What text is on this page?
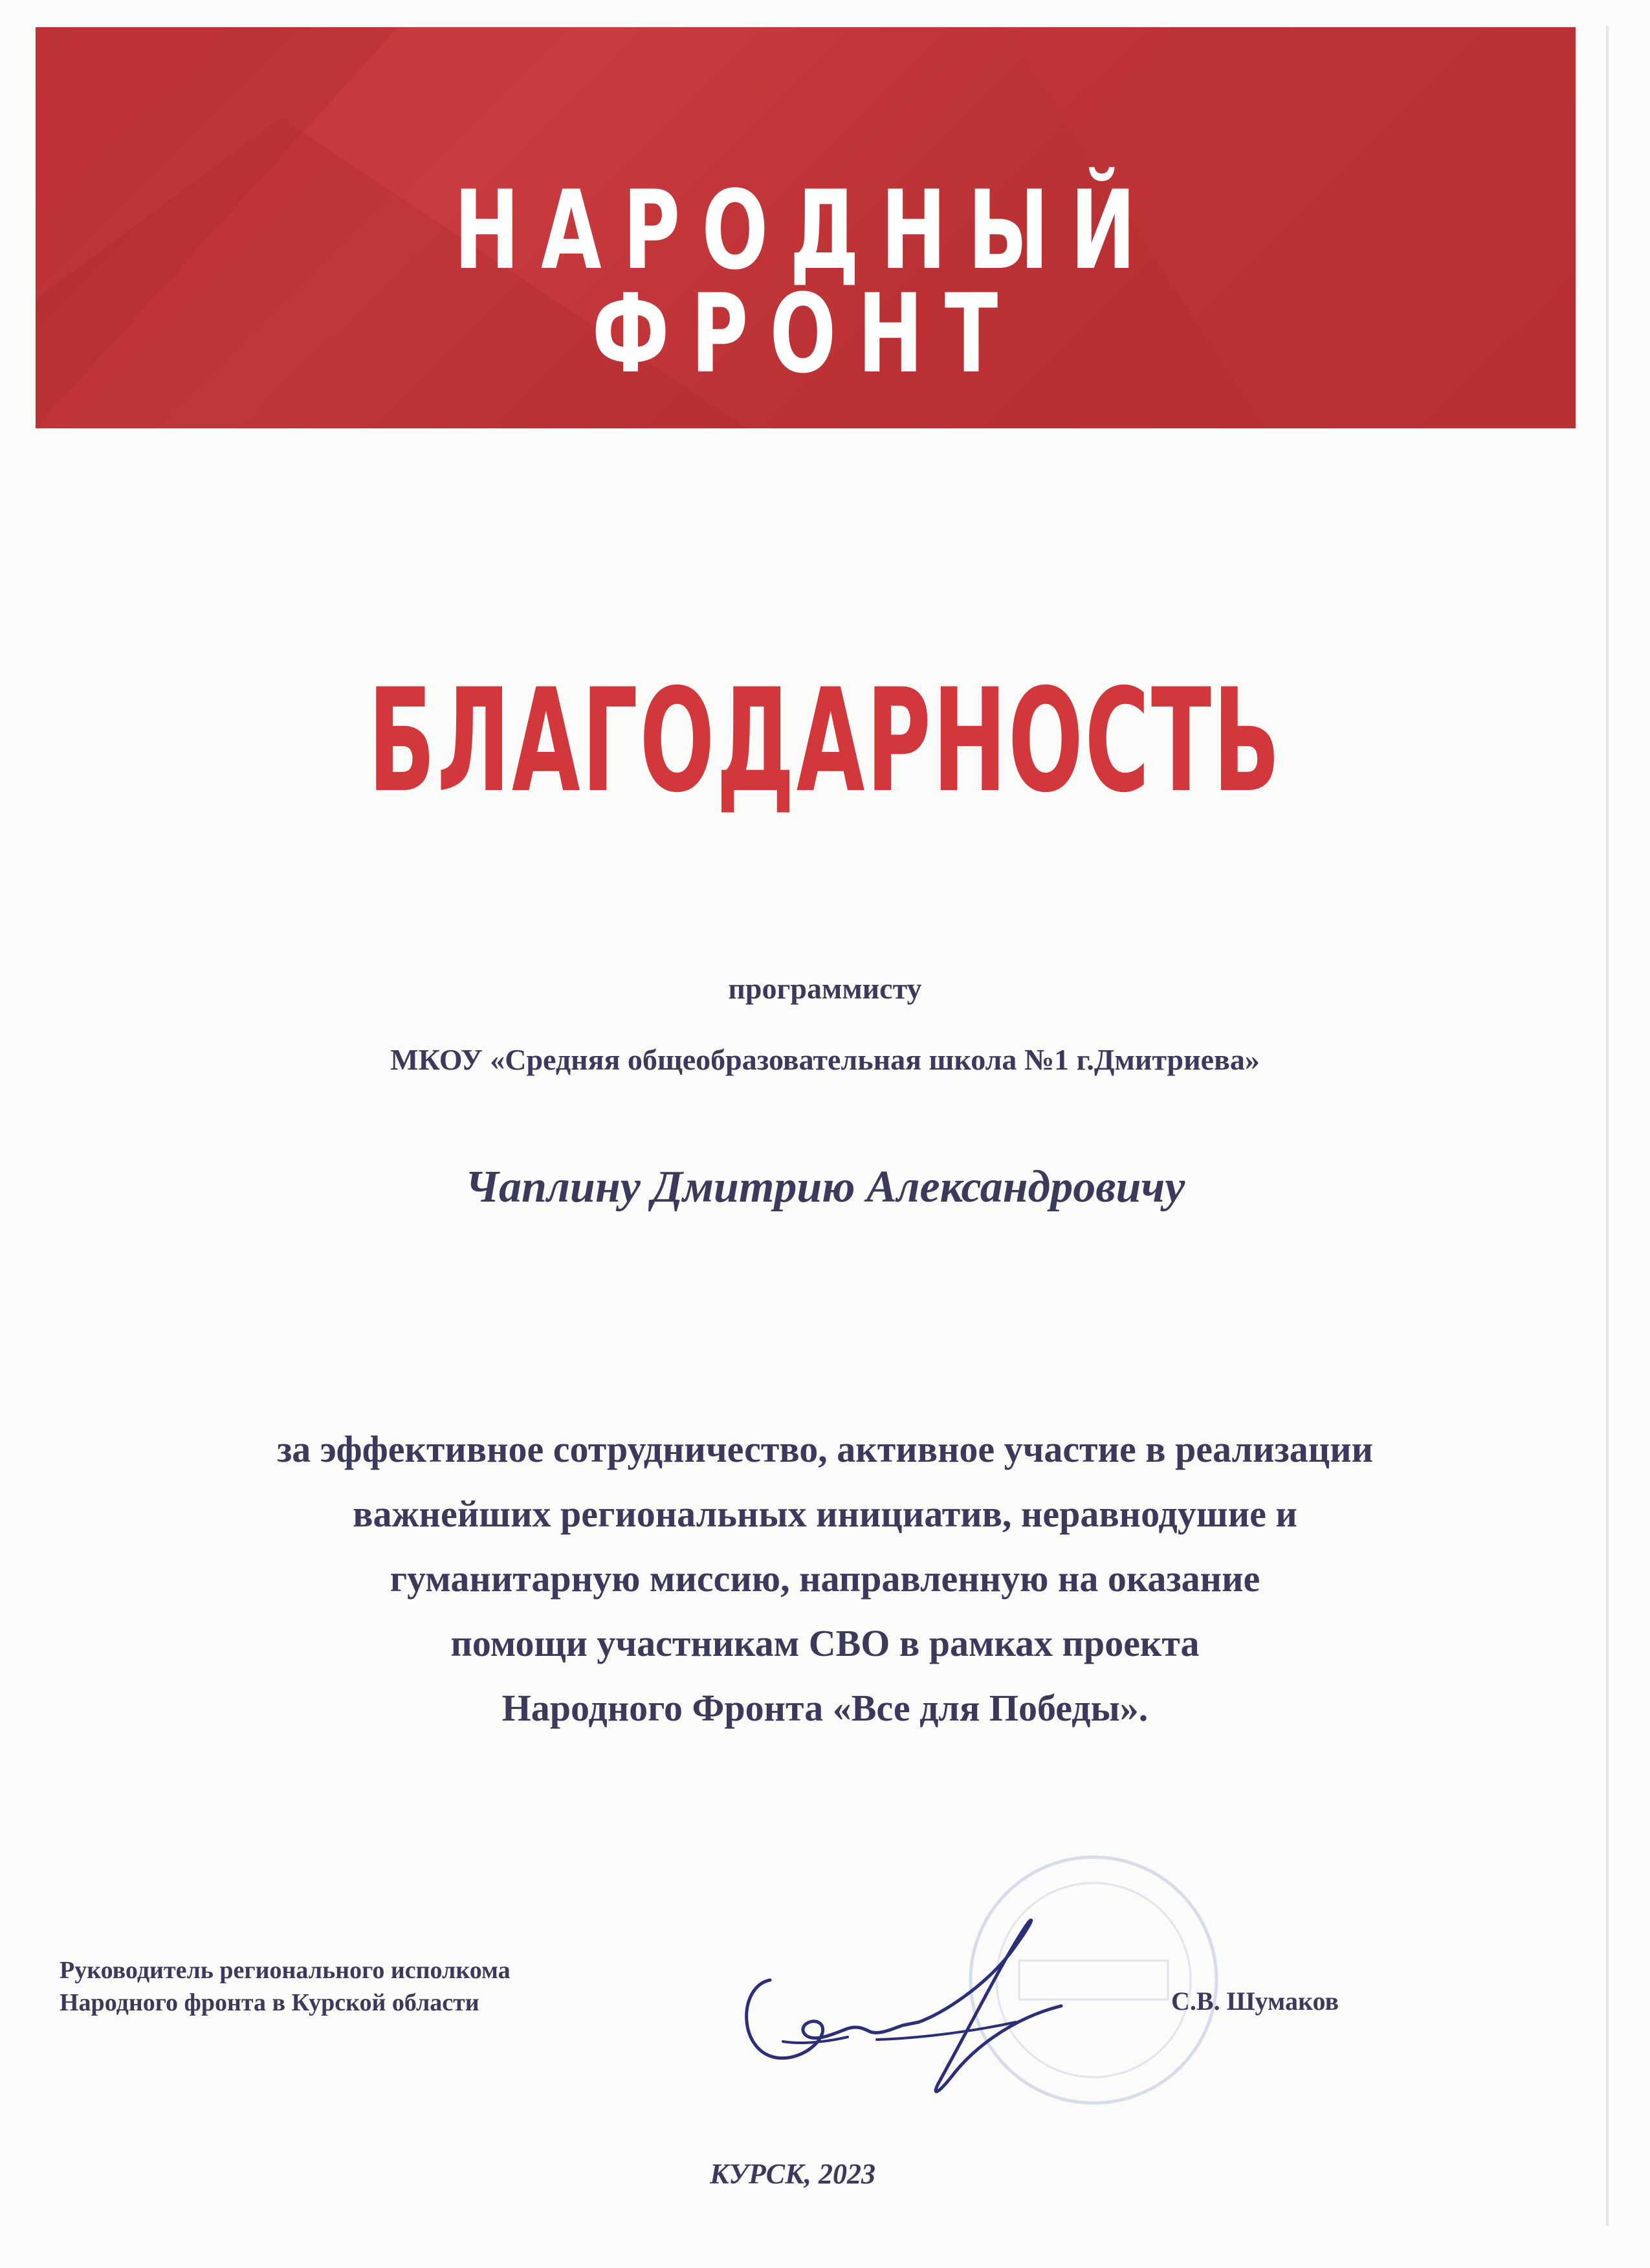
НАРОДНЫЙ
ФРОНТ
БЛАГОДАРНОСТЬ
программисту
МКОУ «Средняя общеобразовательная школа №1 г.Дмитриева»
Чаплину Дмитрию Александровичу
за эффективное сотрудничество, активное участие в реализации
важнейших региональных инициатив, неравнодушие и
гуманитарную миссию, направленную на оказание
помощи участникам СВО в рамках проекта
Народного Фронта «Все для Победы».
Руководитель регионального исполкома
Народного фронта в Курской области	С.В. Шумаков
КУРСК, 2023
